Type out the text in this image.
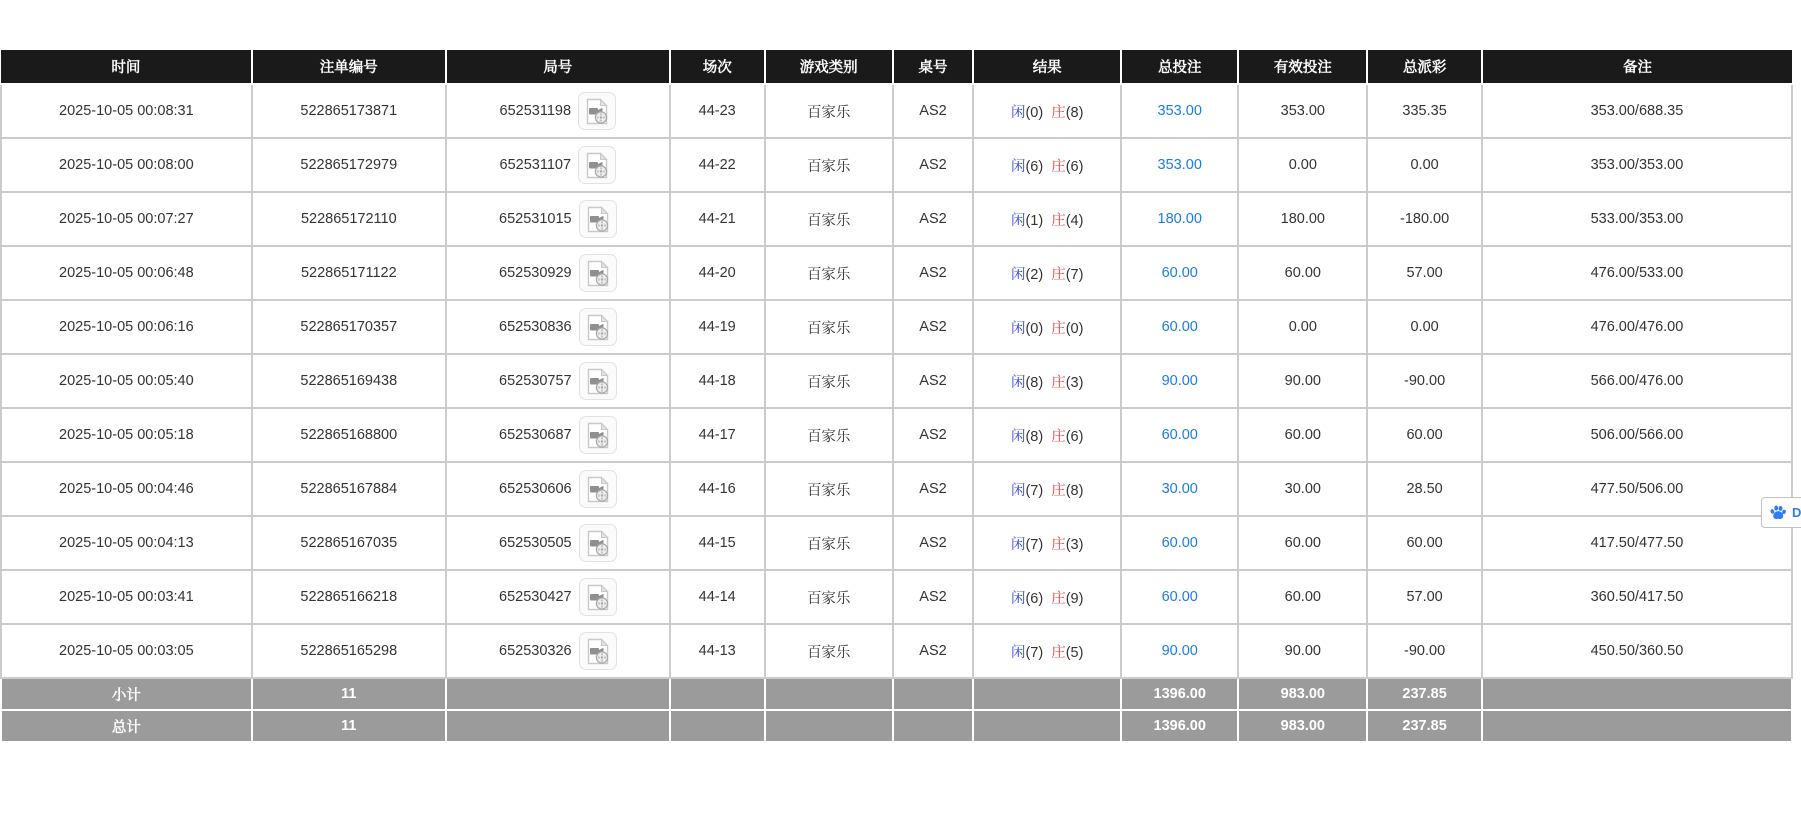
时间	注单编号	局号	场次	游戏类别	桌号	结果	总投注	有效投注	总派彩	备注
2025-10-05 00:08:31	522865173871	652531198	44-23	百家乐	AS2	闲(0) 庄(8)	353.00	353.00	335.35	353.00/688.35
2025-10-05 00:08:00	522865172979	652531107	44-22	百家乐	AS2	闲(6) 庄(6)	353.00	0.00	0.00	353.00/353.00
2025-10-05 00:07:27	522865172110	652531015	44-21	百家乐	AS2	闲(1) 庄(4)	180.00	180.00	-180.00	533.00/353.00
2025-10-05 00:06:48	522865171122	652530929	44-20	百家乐	AS2	闲(2) 庄(7)	60.00	60.00	57.00	476.00/533.00
2025-10-05 00:06:16	522865170357	652530836	44-19	百家乐	AS2	闲(0) 庄(0)	60.00	0.00	0.00	476.00/476.00
2025-10-05 00:05:40	522865169438	652530757	44-18	百家乐	AS2	闲(8) 庄(3)	90.00	90.00	-90.00	566.00/476.00
2025-10-05 00:05:18	522865168800	652530687	44-17	百家乐	AS2	闲(8) 庄(6)	60.00	60.00	60.00	506.00/566.00
2025-10-05 00:04:46	522865167884	652530606	44-16	百家乐	AS2	闲(7) 庄(8)	30.00	30.00	28.50	477.50/506.00
2025-10-05 00:04:13	522865167035	652530505	44-15	百家乐	AS2	闲(7) 庄(3)	60.00	60.00	60.00	417.50/477.50
2025-10-05 00:03:41	522865166218	652530427	44-14	百家乐	AS2	闲(6) 庄(9)	60.00	60.00	57.00	360.50/417.50
2025-10-05 00:03:05	522865165298	652530326	44-13	百家乐	AS2	闲(7) 庄(5)	90.00	90.00	-90.00	450.50/360.50
小计	11						1396.00	983.00	237.85	
总计	11						1396.00	983.00	237.85	
D
